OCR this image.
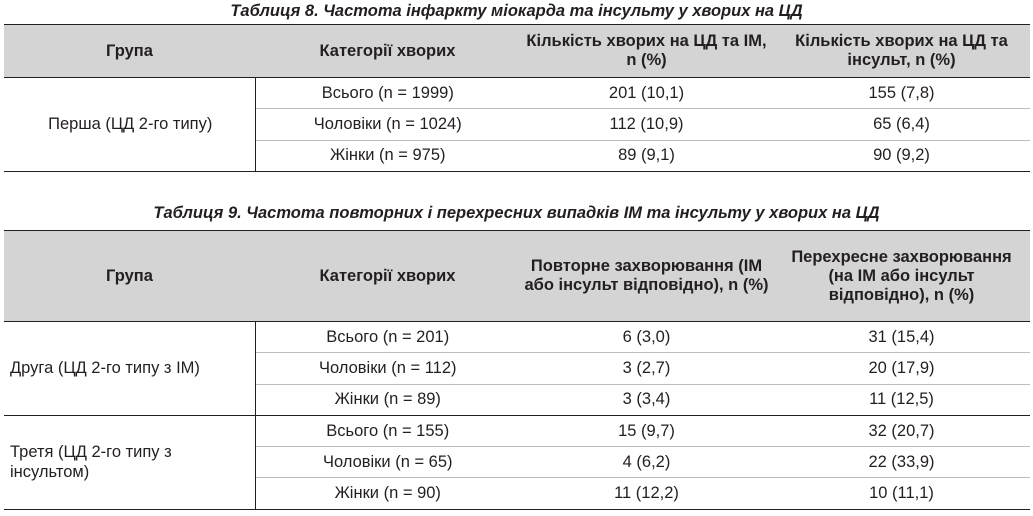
Таблиця 8. Частота інфаркту міокарда та інсульту у хворих на ЦД
Група	Категорії хворих	Кількість хворих на ЦД та ІМ, n (%)	Кількість хворих на ЦД та інсульт, n (%)
Перша (ЦД 2-го типу)	Всього (n = 1999)	201 (10,1)	155 (7,8)
	Чоловіки (n = 1024)	112 (10,9)	65 (6,4)
	Жінки (n = 975)	89 (9,1)	90 (9,2)
Таблиця 9. Частота повторних і перехресних випадків ІМ та інсульту у хворих на ЦД
Група	Категорії хворих	Повторне захворювання (ІМ або інсульт відповідно), n (%)	Перехресне захворювання (на ІМ або інсульт відповідно), n (%)
Друга (ЦД 2-го типу з ІМ)	Всього (n = 201)	6 (3,0)	31 (15,4)
	Чоловіки (n = 112)	3 (2,7)	20 (17,9)
	Жінки (n = 89)	3 (3,4)	11 (12,5)
Третя (ЦД 2-го типу з інсультом)	Всього (n = 155)	15 (9,7)	32 (20,7)
	Чоловіки (n = 65)	4 (6,2)	22 (33,9)
	Жінки (n = 90)	11 (12,2)	10 (11,1)
